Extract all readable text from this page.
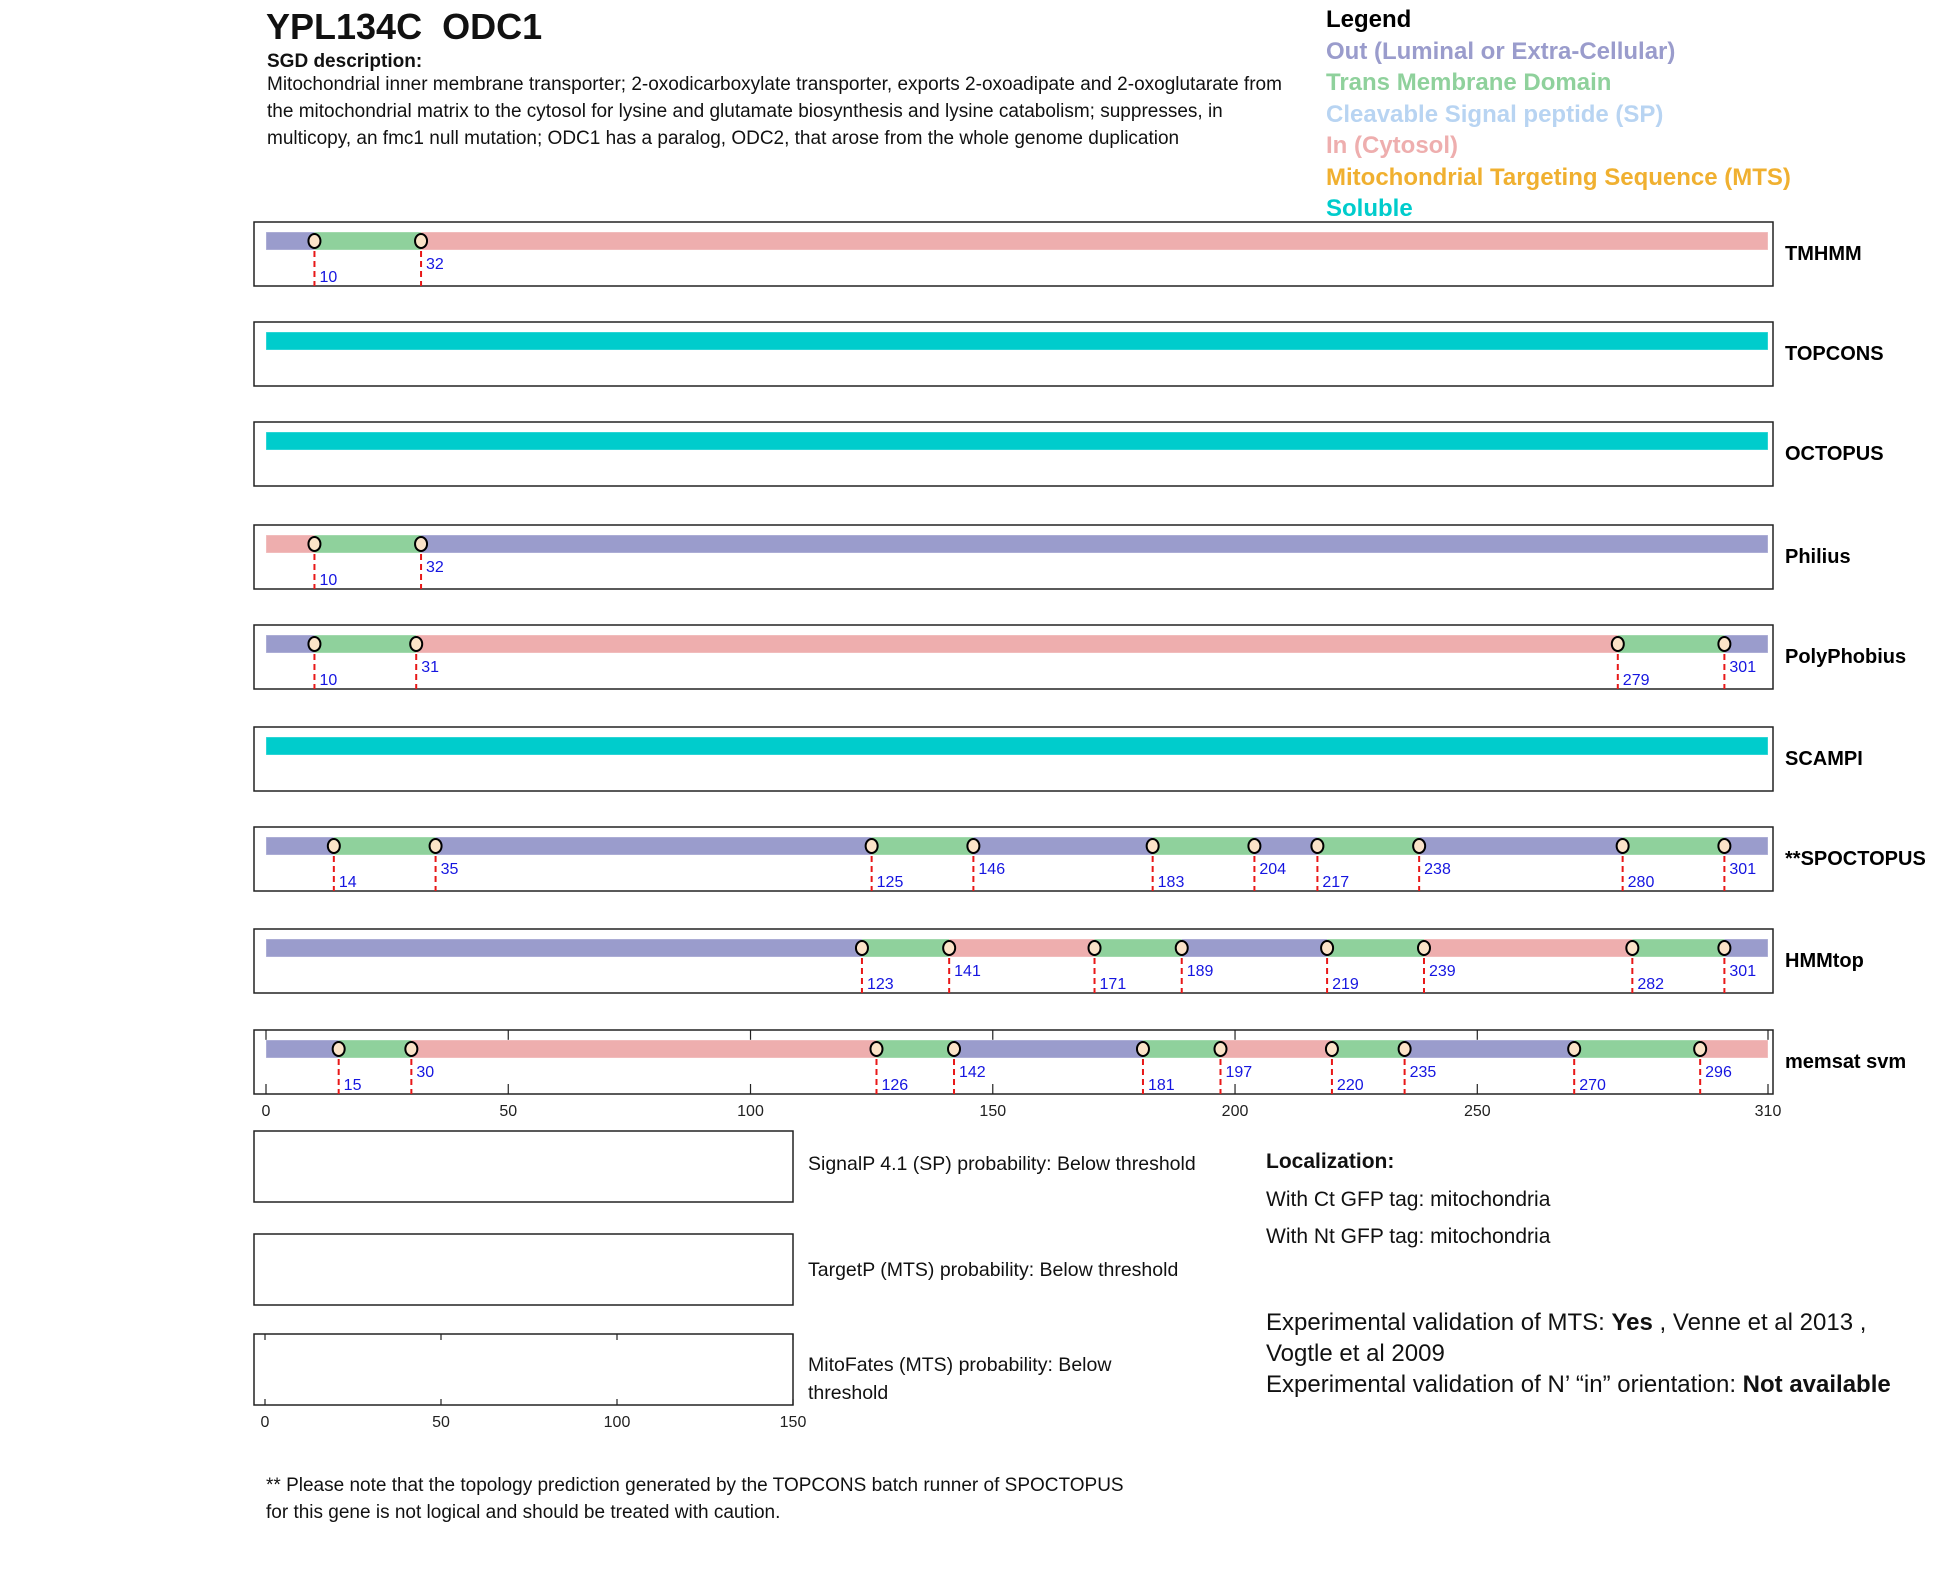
YPL134C  ODC1
SGD description:
Mitochondrial inner membrane transporter; 2-oxodicarboxylate transporter, exports 2-oxoadipate and 2-oxoglutarate from the mitochondrial matrix to the cytosol for lysine and glutamate biosynthesis and lysine catabolism; suppresses, in multicopy, an fmc1 null mutation; ODC1 has a paralog, ODC2, that arose from the whole genome duplication
Legend
Out (Luminal or Extra-Cellular)
Trans Membrane Domain
Cleavable Signal peptide (SP)
In (Cytosol)
Mitochondrial Targeting Sequence (MTS)
Soluble
10
32	TMHMM
TOPCONS
OCTOPUS
10
32	Philius
10
31
279
301 PolyPhobius
SCAMPI
14
35
125
146
183
204
217
238
280
301 **SPOCTOPUS
123
141
171
189
219
239
282
301 HMMtop
0	50	100	150	200	250	310
15
30
126
142
181
197
220
235
270
296	memsat svm
0	50	100	150
SignalP 4.1 (SP) probability: Below threshold
TargetP (MTS) probability: Below threshold
MitoFates (MTS) probability: Below threshold
Localization:
With Ct GFP tag: mitochondria
With Nt GFP tag: mitochondria
Experimental validation of MTS: Yes , Venne et al 2013 , Vogtle et al 2009
Experimental validation of N’ “in” orientation: Not available
** Please note that the topology prediction generated by the TOPCONS batch runner of SPOCTOPUS for this gene is not logical and should be treated with caution.
